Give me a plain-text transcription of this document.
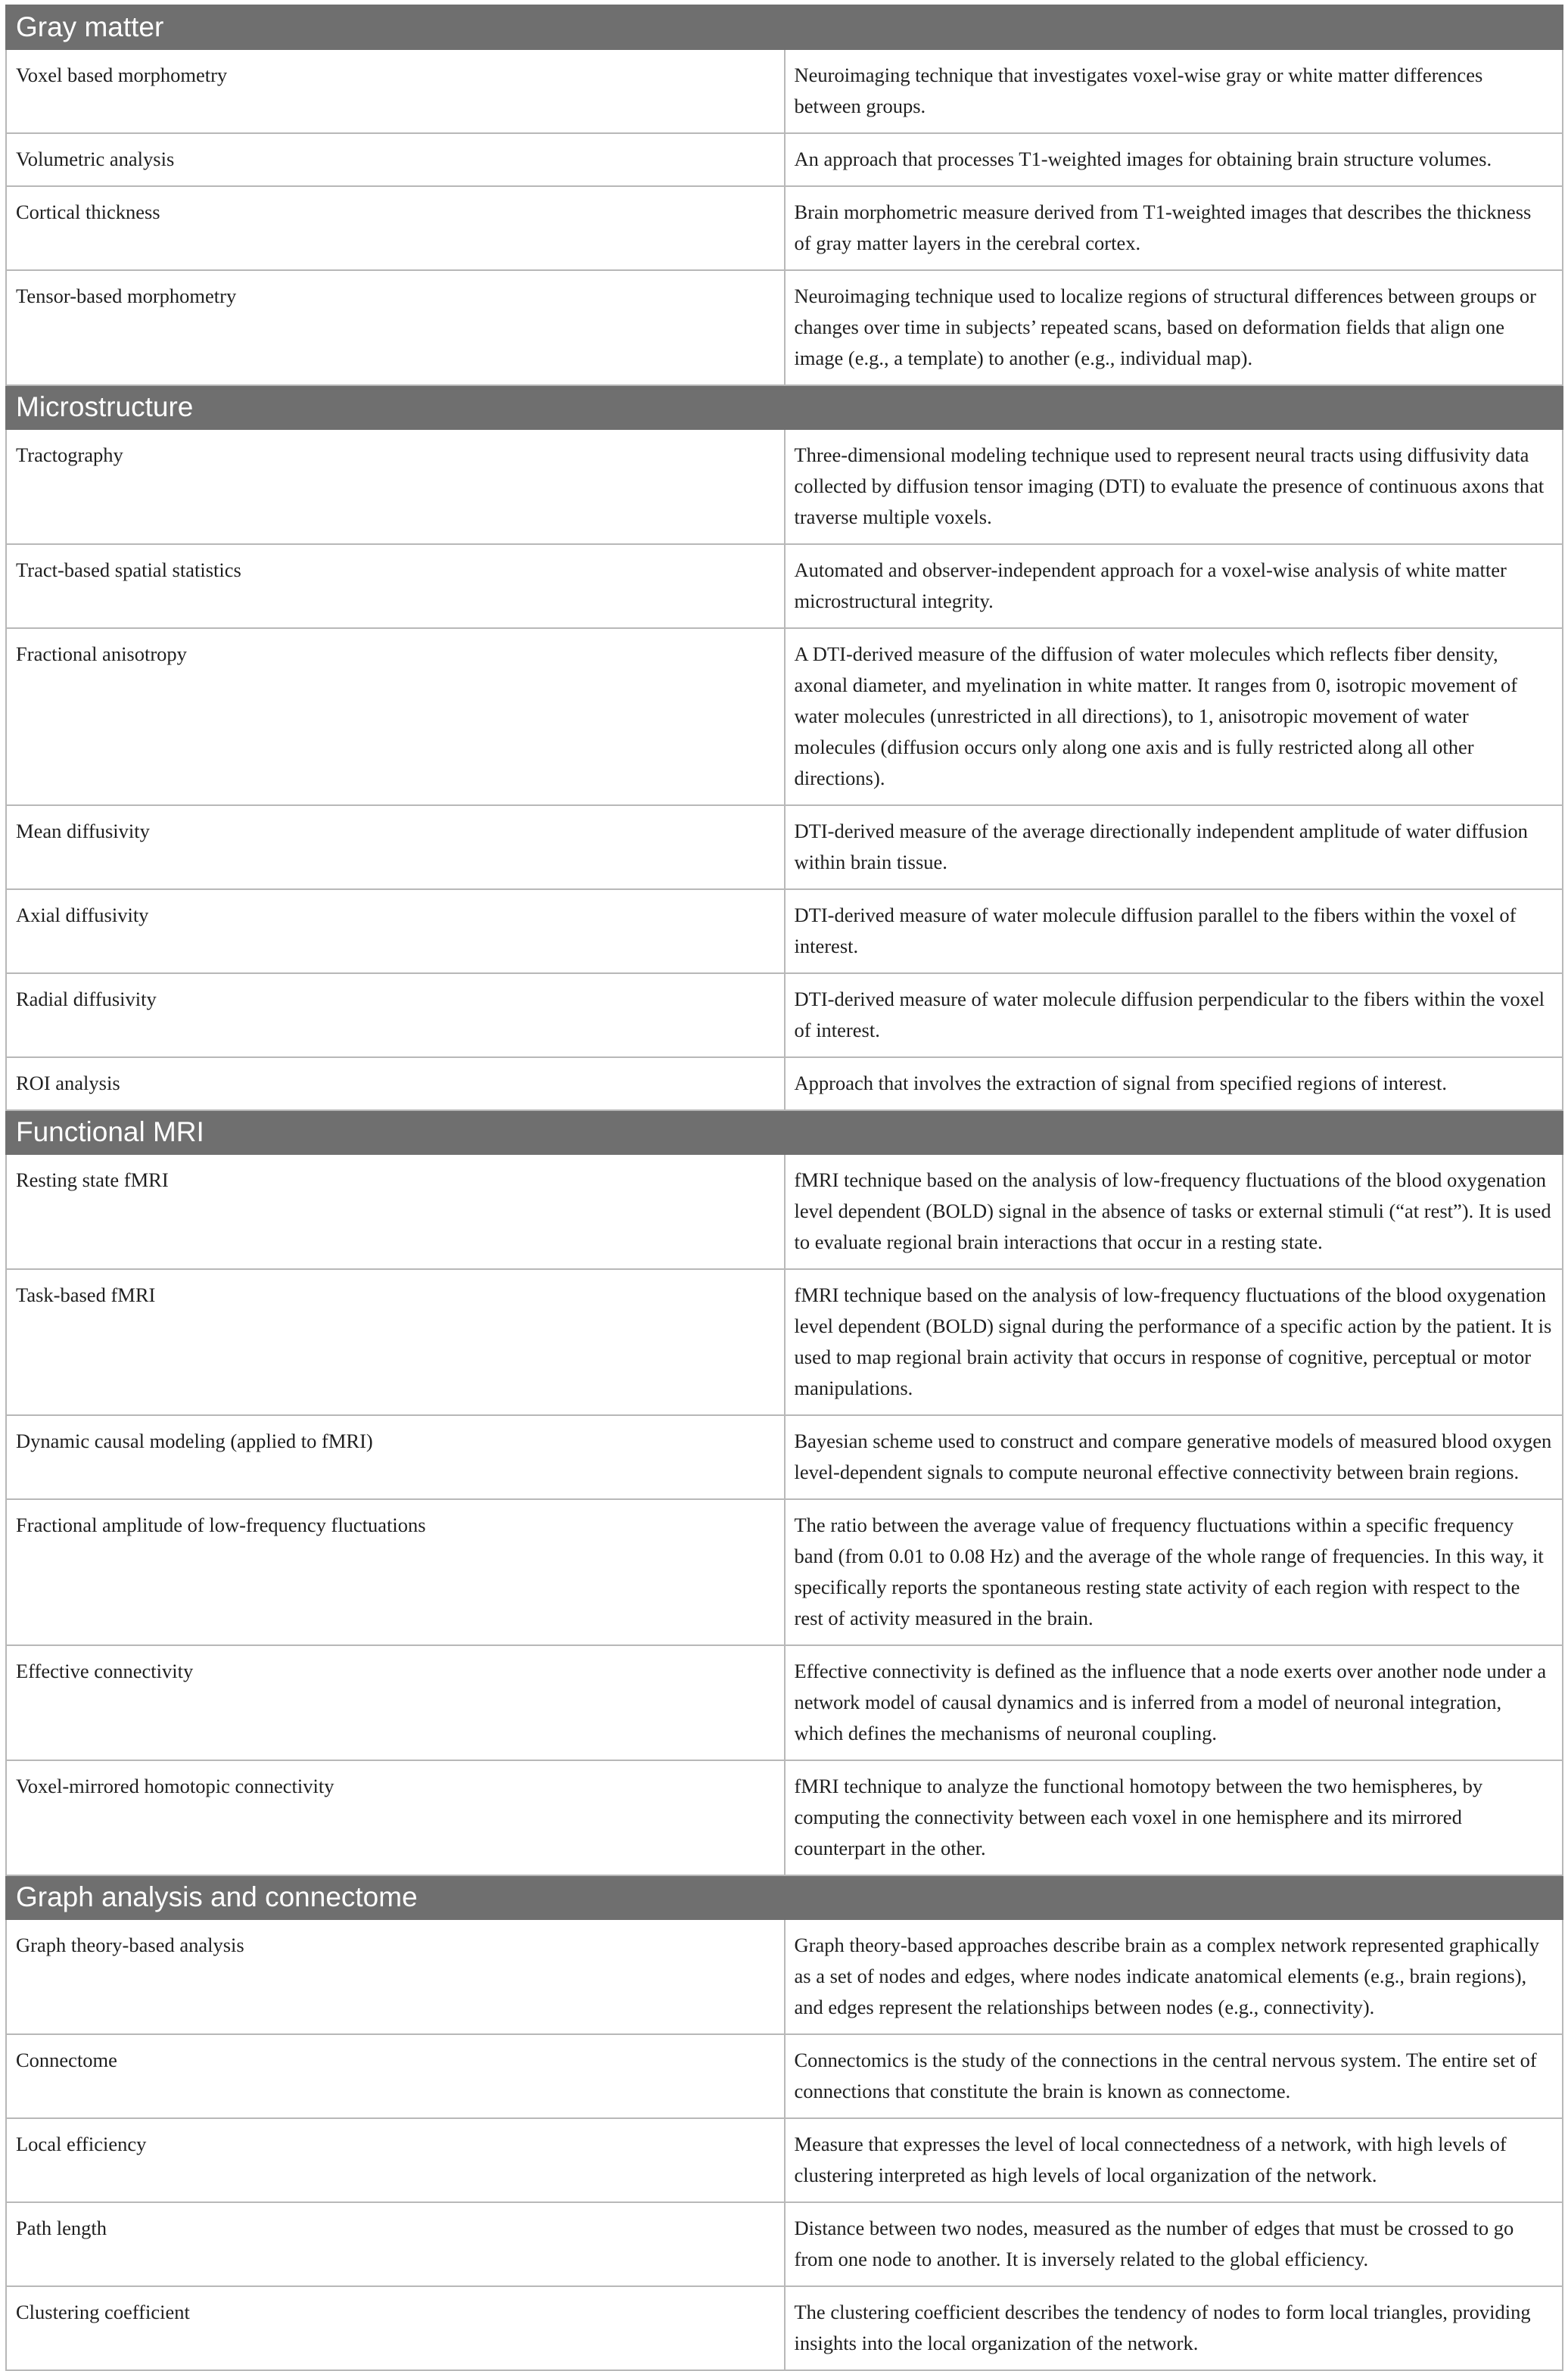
Gray matter	
Voxel based morphometry	Neuroimaging technique that investigates voxel-wise gray or white matter differences between groups.
Volumetric analysis	An approach that processes T1-weighted images for obtaining brain structure volumes.
Cortical thickness	Brain morphometric measure derived from T1-weighted images that describes the thickness of gray matter layers in the cerebral cortex.
Tensor-based morphometry	Neuroimaging technique used to localize regions of structural differences between groups or changes over time in subjects’ repeated scans, based on deformation fields that align one image (e.g., a template) to another (e.g., individual map).
Microstructure	
Tractography	Three-dimensional modeling technique used to represent neural tracts using diffusivity data collected by diffusion tensor imaging (DTI) to evaluate the presence of continuous axons that traverse multiple voxels.
Tract-based spatial statistics	Automated and observer-independent approach for a voxel-wise analysis of white matter microstructural integrity.
Fractional anisotropy	A DTI-derived measure of the diffusion of water molecules which reflects fiber density, axonal diameter, and myelination in white matter. It ranges from 0, isotropic movement of water molecules (unrestricted in all directions), to 1, anisotropic movement of water molecules (diffusion occurs only along one axis and is fully restricted along all other directions).
Mean diffusivity	DTI-derived measure of the average directionally independent amplitude of water diffusion within brain tissue.
Axial diffusivity	DTI-derived measure of water molecule diffusion parallel to the fibers within the voxel of interest.
Radial diffusivity	DTI-derived measure of water molecule diffusion perpendicular to the fibers within the voxel of interest.
ROI analysis	Approach that involves the extraction of signal from specified regions of interest.
Functional MRI	
Resting state fMRI	fMRI technique based on the analysis of low-frequency fluctuations of the blood oxygenation level dependent (BOLD) signal in the absence of tasks or external stimuli (“at rest”). It is used to evaluate regional brain interactions that occur in a resting state.
Task-based fMRI	fMRI technique based on the analysis of low-frequency fluctuations of the blood oxygenation level dependent (BOLD) signal during the performance of a specific action by the patient. It is used to map regional brain activity that occurs in response of cognitive, perceptual or motor manipulations.
Dynamic causal modeling (applied to fMRI)	Bayesian scheme used to construct and compare generative models of measured blood oxygen level-dependent signals to compute neuronal effective connectivity between brain regions.
Fractional amplitude of low-frequency fluctuations	The ratio between the average value of frequency fluctuations within a specific frequency band (from 0.01 to 0.08 Hz) and the average of the whole range of frequencies. In this way, it specifically reports the spontaneous resting state activity of each region with respect to the rest of activity measured in the brain.
Effective connectivity	Effective connectivity is defined as the influence that a node exerts over another node under a network model of causal dynamics and is inferred from a model of neuronal integration, which defines the mechanisms of neuronal coupling.
Voxel-mirrored homotopic connectivity	fMRI technique to analyze the functional homotopy between the two hemispheres, by computing the connectivity between each voxel in one hemisphere and its mirrored counterpart in the other.
Graph analysis and connectome	
Graph theory-based analysis	Graph theory-based approaches describe brain as a complex network represented graphically as a set of nodes and edges, where nodes indicate anatomical elements (e.g., brain regions), and edges represent the relationships between nodes (e.g., connectivity).
Connectome	Connectomics is the study of the connections in the central nervous system. The entire set of connections that constitute the brain is known as connectome.
Local efficiency	Measure that expresses the level of local connectedness of a network, with high levels of clustering interpreted as high levels of local organization of the network.
Path length	Distance between two nodes, measured as the number of edges that must be crossed to go from one node to another. It is inversely related to the global efficiency.
Clustering coefficient	The clustering coefficient describes the tendency of nodes to form local triangles, providing insights into the local organization of the network.
